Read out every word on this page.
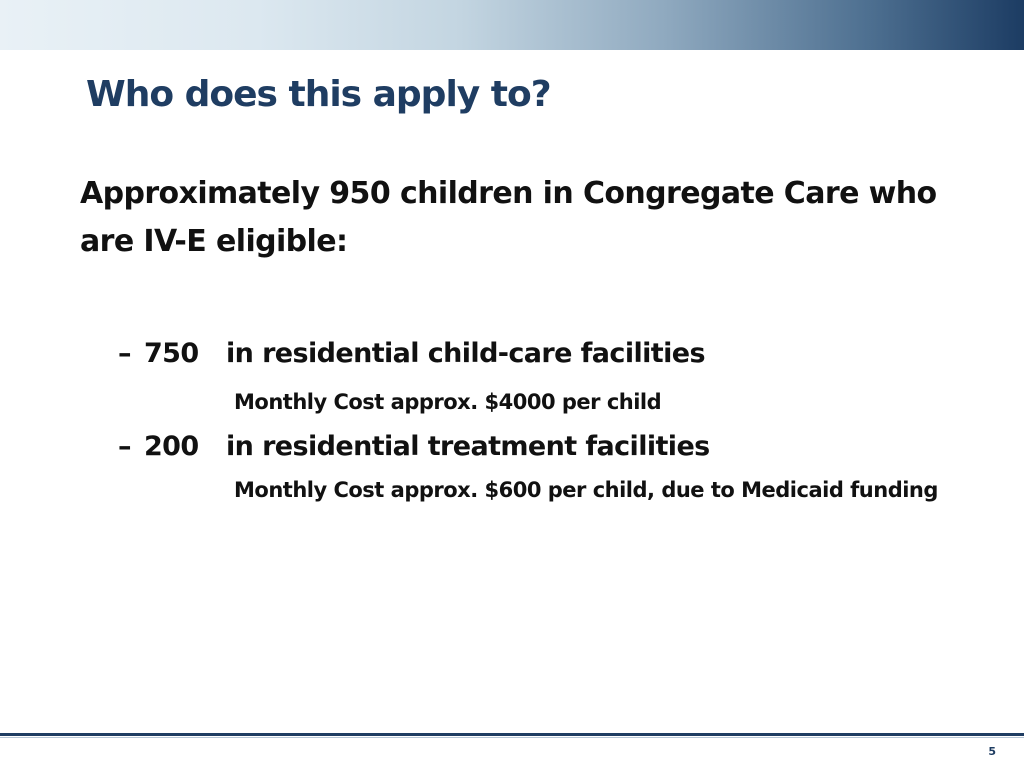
Who does this apply to?

Approximately 950 children in Congregate Care who are IV-E eligible:

– 750 in residential child-care facilities
Monthly Cost approx. $4000 per child
– 200 in residential treatment facilities
Monthly Cost approx. $600 per child, due to Medicaid funding
5
